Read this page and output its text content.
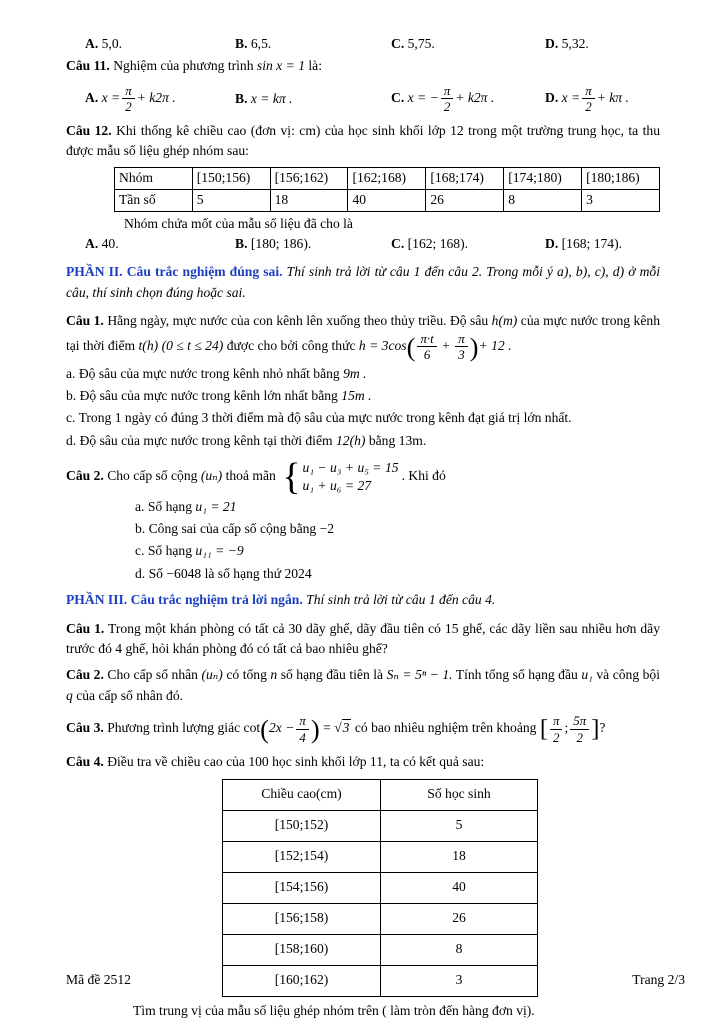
A. 5,0.	B. 6,5.	C. 5,75.	D. 5,32.

Câu 11. Nghiệm của phương trình sin x = 1 là:

A. $x = \frac{\pi}{2} + k2\pi$ .	B. x = kπ .	C. x = − $\frac{\pi}{2} + k2\pi$ .	D. $x = \frac{\pi}{2} + k\pi$ .

Câu 12. Khi thống kê chiều cao (đơn vị: cm) của học sinh khối lớp 12 trong một trường trung học, ta thu được mẫu số liệu ghép nhóm sau:

Nhóm	[150;156)	[156;162)	[162;168)	[168;174)	[174;180)	[180;186)
Tần số	5	18	40	26	8	3
Nhóm chứa mốt của mẫu số liệu đã cho là
A. 40.	B. [180; 186).	C. [162; 168).	D. [168; 174).

PHẦN II. Câu trắc nghiệm đúng sai. Thí sinh trả lời từ câu 1 đến câu 2. Trong mỗi ý a), b), c), d) ở mỗi câu, thí sinh chọn đúng hoặc sai.

Câu 1. Hằng ngày, mực nước của con kênh lên xuống theo thủy triều. Độ sâu h(m) của mực nước trong kênh tại thời điểm t(h) (0 ≤ t ≤ 24) được cho bởi công thức $h = 3\cos( \frac{\pi\cdot t}{6} + \frac{\pi}{3}$ )+ 12 .

a. Độ sâu của mực nước trong kênh nhỏ nhất bằng 9m .
b. Độ sâu của mực nước trong kênh lớn nhất bằng 15m .
c. Trong 1 ngày có đúng 3 thời điểm mà độ sâu của mực nước trong kênh đạt giá trị lớn nhất.
d. Độ sâu của mực nước trong kênh tại thời điểm 12(h) bằng 13m.

Câu 2. Cho cấp số cộng (uₙ) thoả mãn { u₁ − u₃ + u₅ = 15
u₁ + u₆ = 27
. Khi đó

a. Số hạng u₁ = 21
b. Công sai của cấp số cộng bằng −2
c. Số hạng u₁₁ = −9
d. Số −6048 là số hạng thứ 2024

PHẦN III. Câu trắc nghiệm trả lời ngắn. Thí sinh trả lời từ câu 1 đến câu 4.

Câu 1. Trong một khán phòng có tất cả 30 dãy ghế, dãy đầu tiên có 15 ghế, các dãy liền sau nhiều hơn dãy trước đó 4 ghế, hỏi khán phòng đó có tất cả bao nhiêu ghế?

Câu 2. Cho cấp số nhân (uₙ) có tổng n số hạng đầu tiên là Sₙ = 5ⁿ − 1. Tính tổng số hạng đầu u₁ và công bội q của cấp số nhân đó.

Câu 3. Phương trình lượng giác $\cot(2x - \frac{\pi}{4}$ ) = √3 có bao nhiêu nghiệm trên khoảng [ $\frac{\pi}{2}$ ; $\frac{5\pi}{2}$ ]?

Câu 4. Điều tra về chiều cao của 100 học sinh khối lớp 11, ta có kết quả sau:

Chiều cao(cm)	Số học sinh
[150;152)	5
[152;154)	18
[154;156)	40
[156;158)	26
[158;160)	8
[160;162)	3
Tìm trung vị của mẫu số liệu ghép nhóm trên ( làm tròn đến hàng đơn vị).
Mã đề 2512	Trang 2/3
